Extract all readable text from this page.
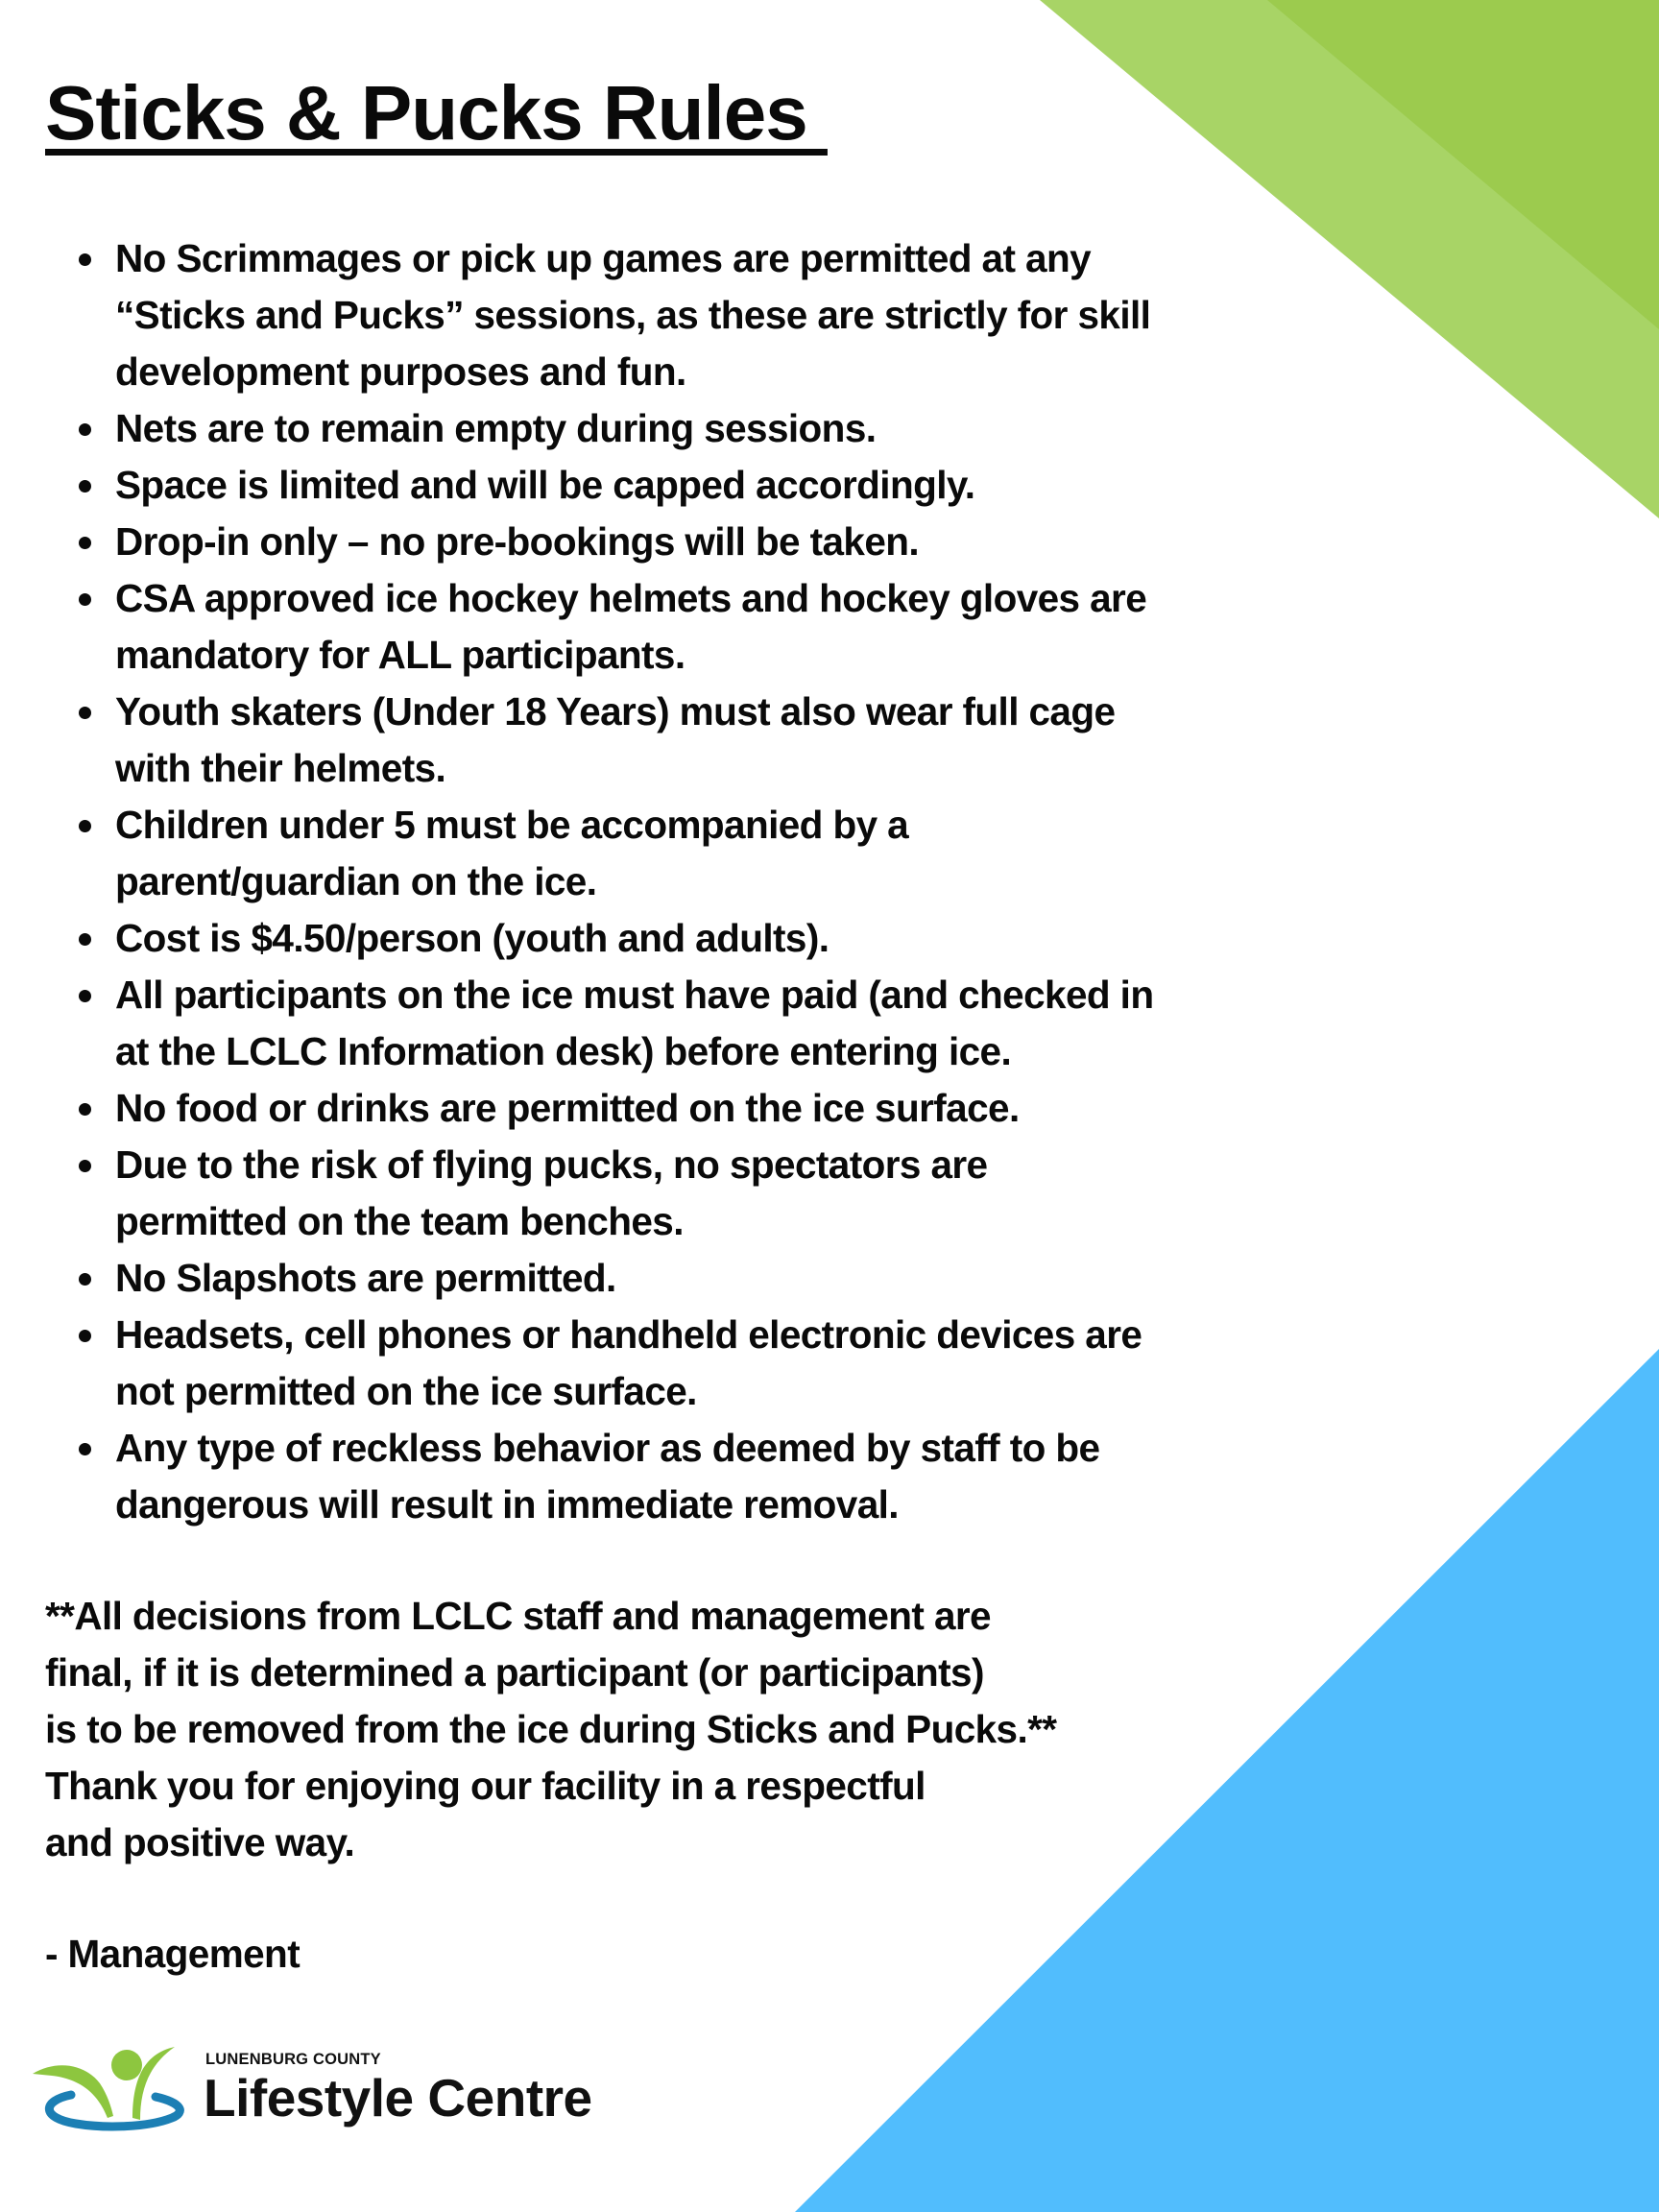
Sticks & Pucks Rules
No Scrimmages or pick up games are permitted at any
“Sticks and Pucks” sessions, as these are strictly for skill
development purposes and fun.
Nets are to remain empty during sessions.
Space is limited and will be capped accordingly.
Drop-in only – no pre-bookings will be taken.
CSA approved ice hockey helmets and hockey gloves are
mandatory for ALL participants.
Youth skaters (Under 18 Years) must also wear full cage
with their helmets.
Children under 5 must be accompanied by a
parent/guardian on the ice.
Cost is $4.50/person (youth and adults).
All participants on the ice must have paid (and checked in
at the LCLC Information desk) before entering ice.
No food or drinks are permitted on the ice surface.
Due to the risk of flying pucks, no spectators are
permitted on the team benches.
No Slapshots are permitted.
Headsets, cell phones or handheld electronic devices are
not permitted on the ice surface.
Any type of reckless behavior as deemed by staff to be
dangerous will result in immediate removal.
**All decisions from LCLC staff and management are
final, if it is determined a participant (or participants)
is to be removed from the ice during Sticks and Pucks.**
Thank you for enjoying our facility in a respectful
and positive way.
- Management
LUNENBURG COUNTY
Lifestyle Centre
